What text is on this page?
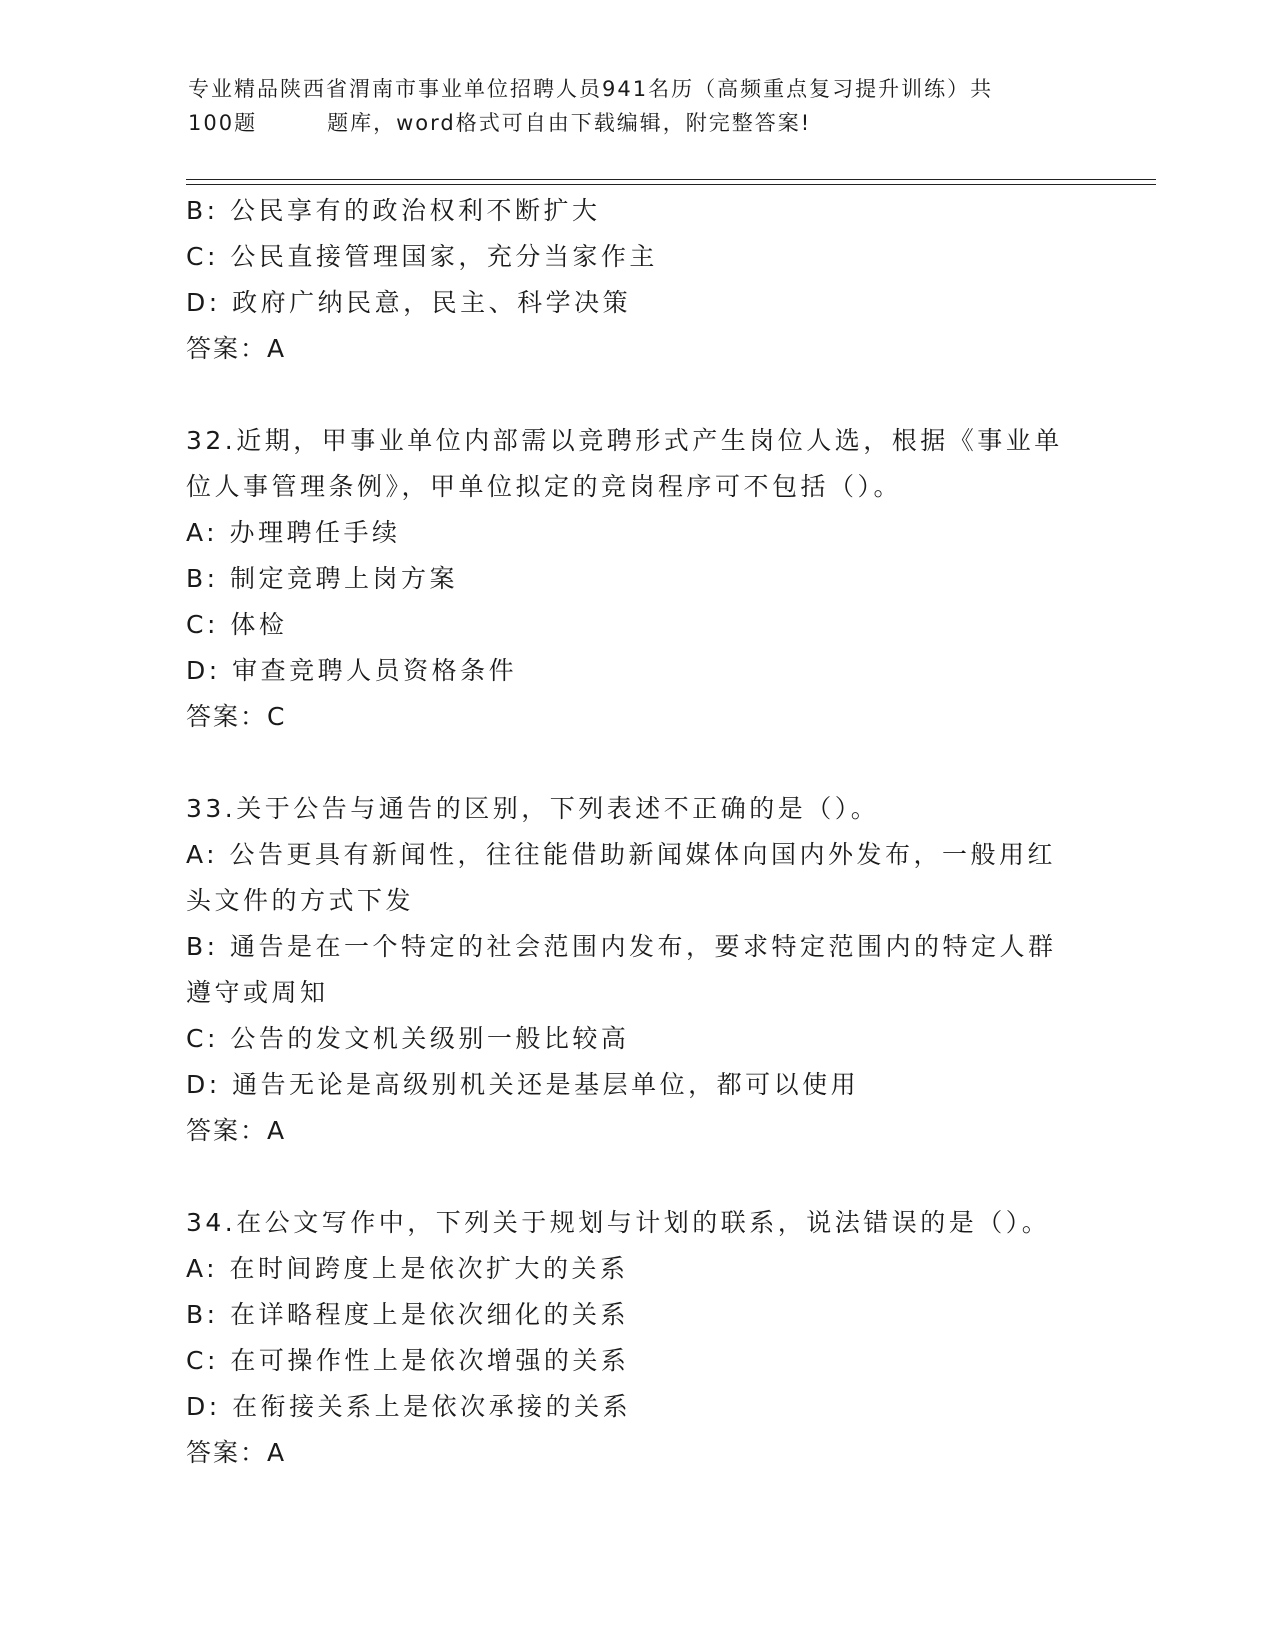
专业精品陕西省渭南市事业单位招聘人员941名历（高频重点复习提升训练）共
100题	题库，word格式可自由下载编辑，附完整答案!
B: 公民享有的政治权利不断扩大
C: 公民直接管理国家，充分当家作主
D: 政府广纳民意，民主、科学决策
答案：A
32.近期，甲事业单位内部需以竞聘形式产生岗位人选，根据《事业单
位人事管理条例》，甲单位拟定的竞岗程序可不包括（）。
A: 办理聘任手续
B: 制定竞聘上岗方案
C: 体检
D: 审查竞聘人员资格条件
答案：C
33.关于公告与通告的区别，下列表述不正确的是（）。
A: 公告更具有新闻性，往往能借助新闻媒体向国内外发布，一般用红
头文件的方式下发
B: 通告是在一个特定的社会范围内发布，要求特定范围内的特定人群
遵守或周知
C: 公告的发文机关级别一般比较高
D: 通告无论是高级别机关还是基层单位，都可以使用
答案：A
34.在公文写作中，下列关于规划与计划的联系，说法错误的是（）。
A: 在时间跨度上是依次扩大的关系
B: 在详略程度上是依次细化的关系
C: 在可操作性上是依次增强的关系
D: 在衔接关系上是依次承接的关系
答案：A
